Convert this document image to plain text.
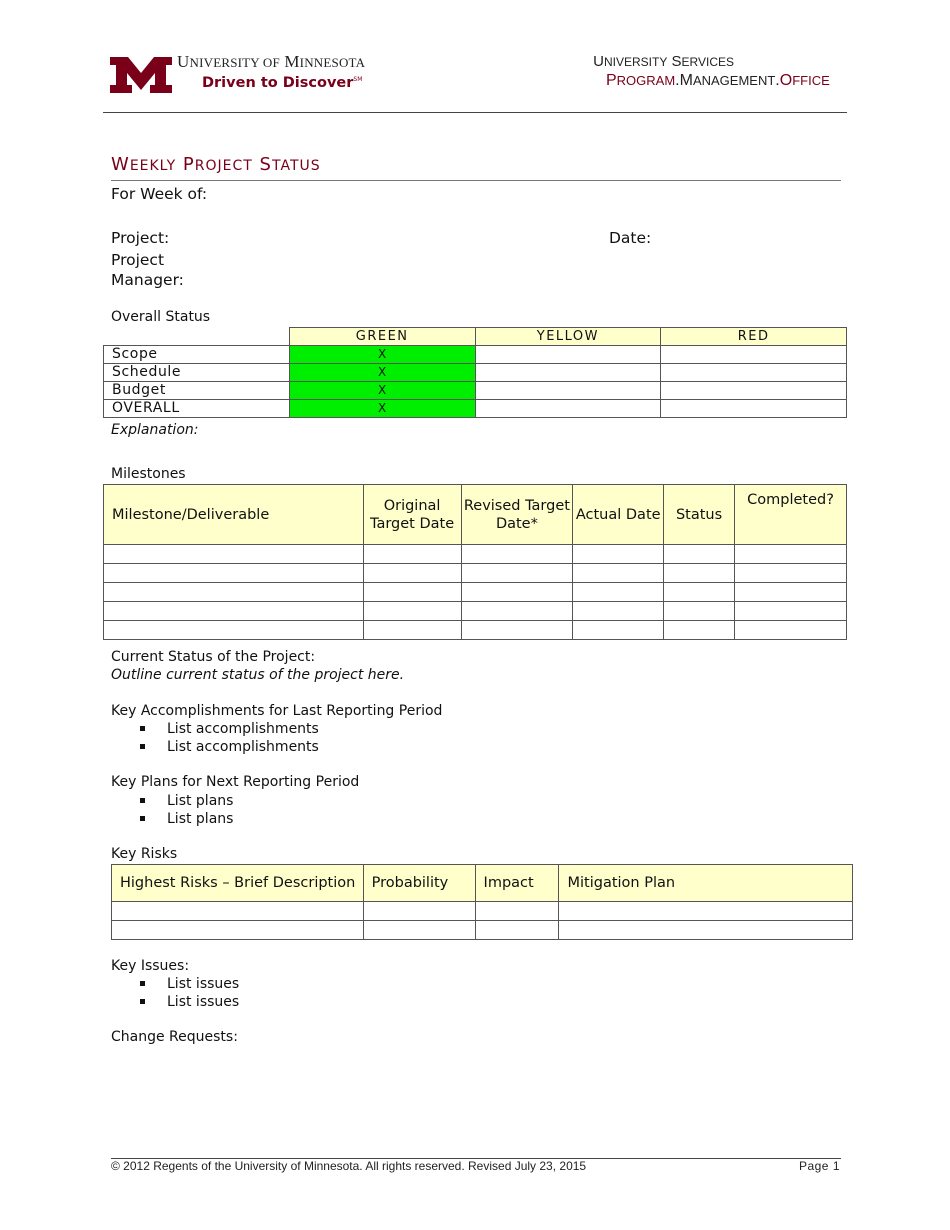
UNIVERSITY OF MINNESOTA
Driven to Discover℠
UNIVERSITY SERVICES
PROGRAM.MANAGEMENT.OFFICE
WEEKLY PROJECT STATUS
For Week of:
Project:	Date:
Project
Manager:
Overall Status
	GREEN	YELLOW	RED
Scope	X		
Schedule	X		
Budget	X		
OVERALL	X		
Explanation:
Milestones
Milestone/Deliverable	Original Target Date	Revised Target Date*	Actual Date	Status	Completed?

Current Status of the Project:
Outline current status of the project here.
Key Accomplishments for Last Reporting Period
List accomplishments
List accomplishments
Key Plans for Next Reporting Period
List plans
List plans
Key Risks
Highest Risks – Brief Description	Probability	Impact	Mitigation Plan

Key Issues:
List issues
List issues
Change Requests:
© 2012 Regents of the University of Minnesota. All rights reserved. Revised July 23, 2015	Page 1
